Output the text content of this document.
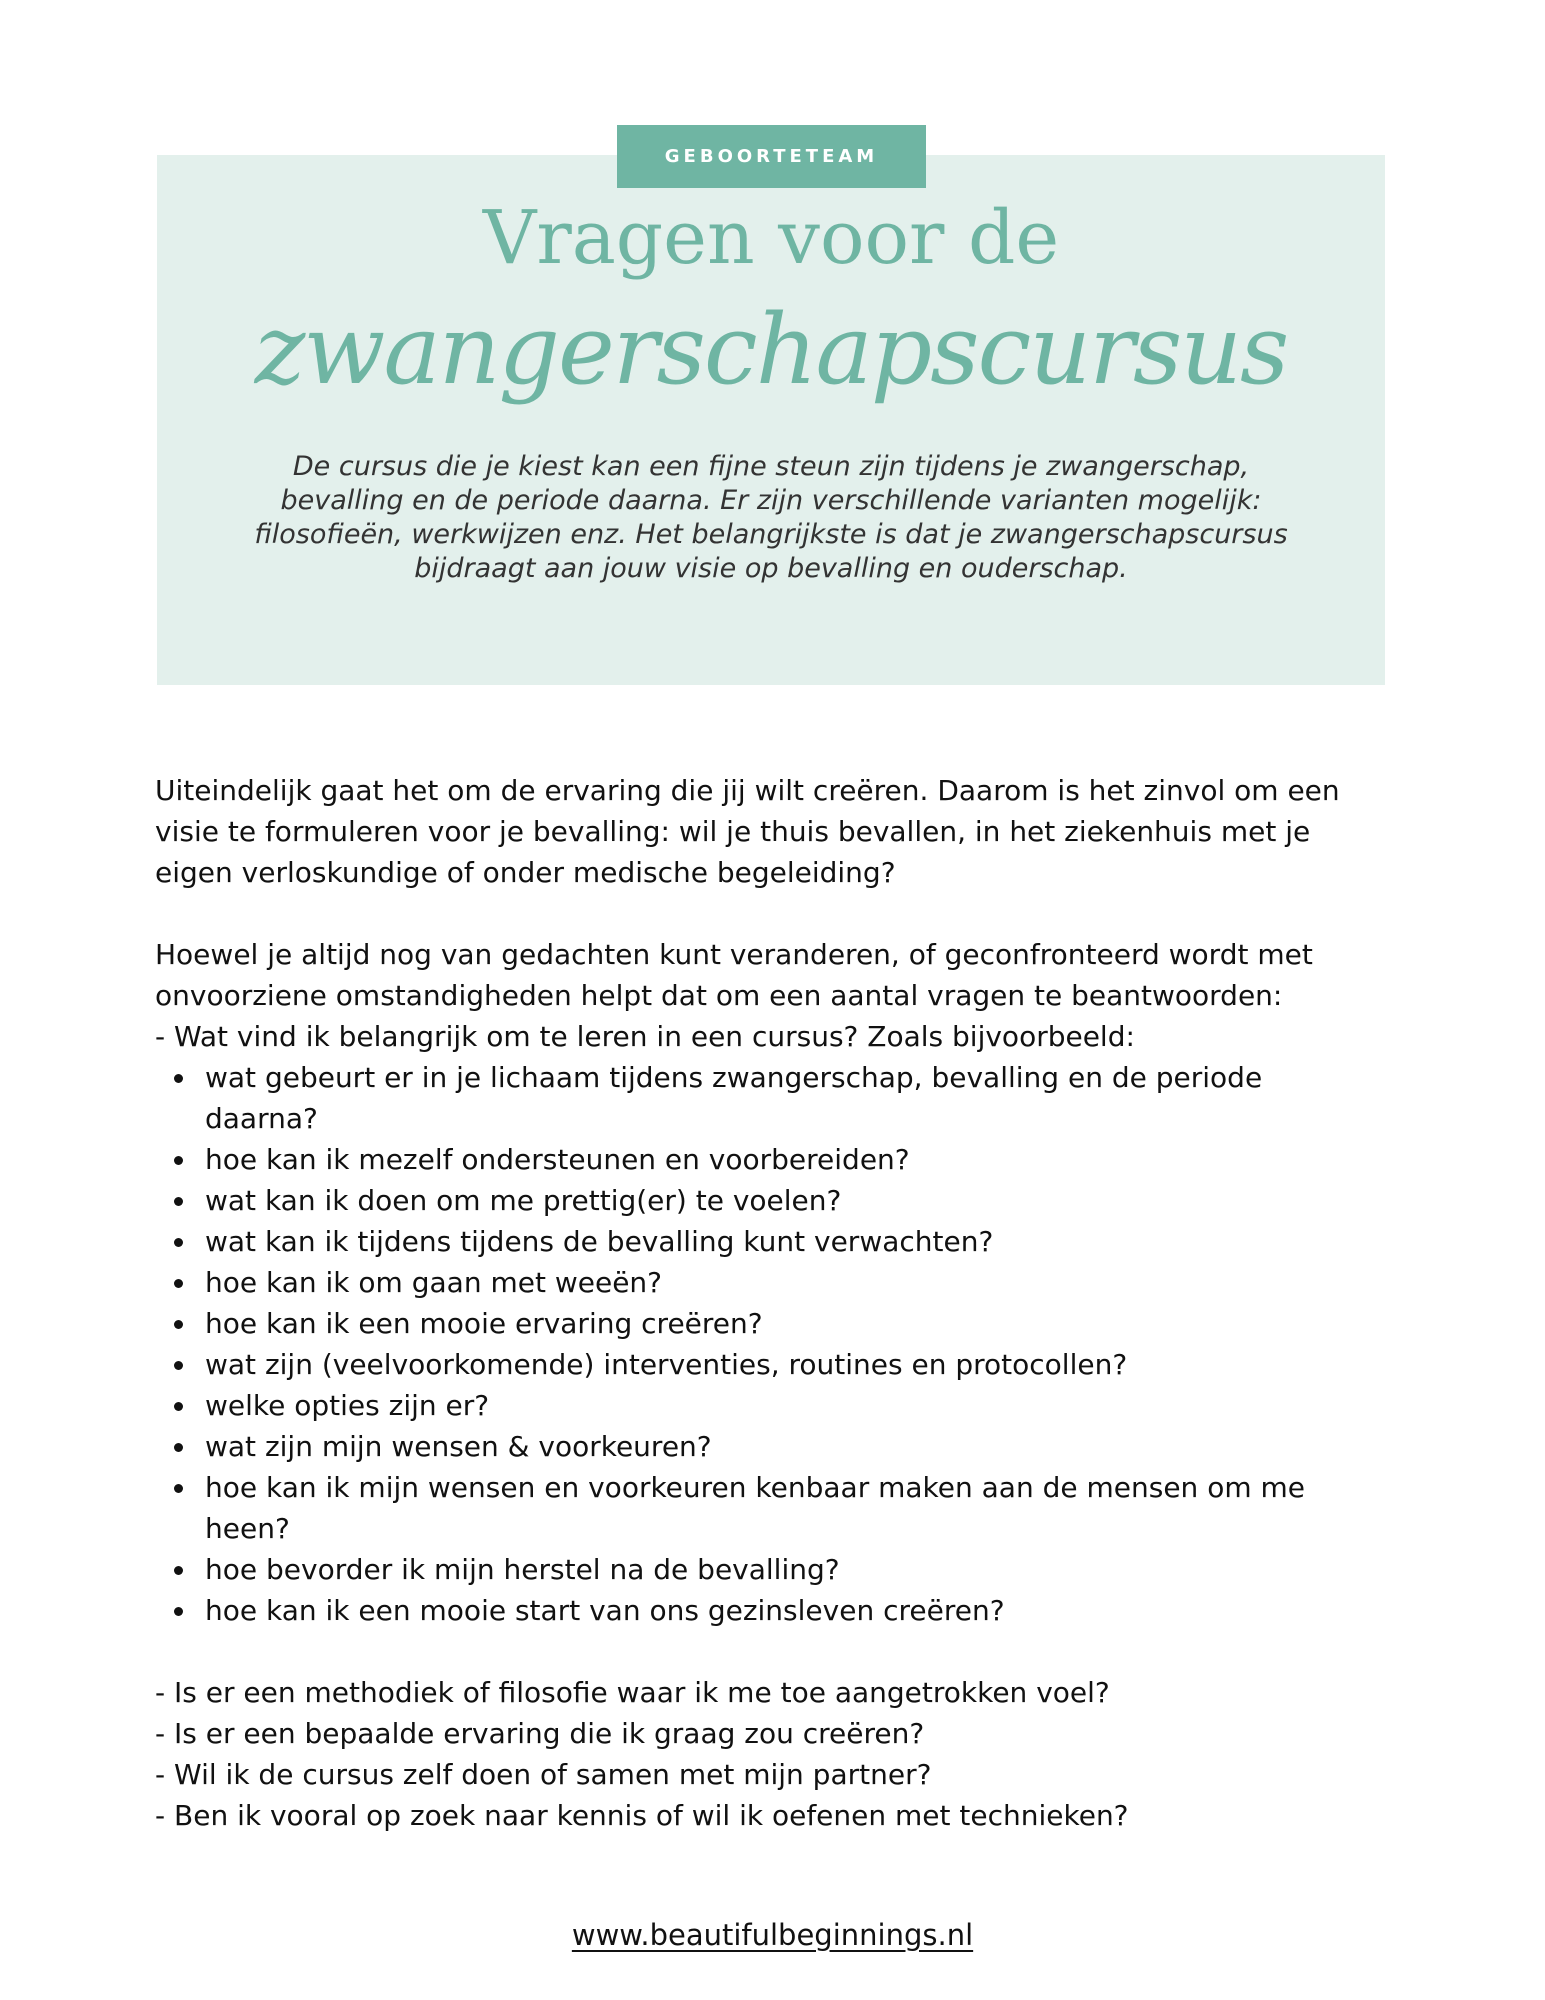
GEBOORTETEAM
Vragen voor de
zwangerschapscursus

De cursus die je kiest kan een fijne steun zijn tijdens je zwangerschap,
bevalling en de periode daarna. Er zijn verschillende varianten mogelijk:
filosofieën, werkwijzen enz. Het belangrijkste is dat je zwangerschapscursus
bijdraagt aan jouw visie op bevalling en ouderschap.

Uiteindelijk gaat het om de ervaring die jij wilt creëren. Daarom is het zinvol om een
visie te formuleren voor je bevalling: wil je thuis bevallen, in het ziekenhuis met je
eigen verloskundige of onder medische begeleiding?

Hoewel je altijd nog van gedachten kunt veranderen, of geconfronteerd wordt met
onvoorziene omstandigheden helpt dat om een aantal vragen te beantwoorden:
- Wat vind ik belangrijk om te leren in een cursus? Zoals bijvoorbeeld:

wat gebeurt er in je lichaam tijdens zwangerschap, bevalling en de periode
daarna?
hoe kan ik mezelf ondersteunen en voorbereiden?
wat kan ik doen om me prettig(er) te voelen?
wat kan ik tijdens tijdens de bevalling kunt verwachten?
hoe kan ik om gaan met weeën?
hoe kan ik een mooie ervaring creëren?
wat zijn (veelvoorkomende) interventies, routines en protocollen?
welke opties zijn er?
wat zijn mijn wensen & voorkeuren?
hoe kan ik mijn wensen en voorkeuren kenbaar maken aan de mensen om me
heen?
hoe bevorder ik mijn herstel na de bevalling?
hoe kan ik een mooie start van ons gezinsleven creëren?

- Is er een methodiek of filosofie waar ik me toe aangetrokken voel?
- Is er een bepaalde ervaring die ik graag zou creëren?
- Wil ik de cursus zelf doen of samen met mijn partner?
- Ben ik vooral op zoek naar kennis of wil ik oefenen met technieken?

www.beautifulbeginnings.nl
